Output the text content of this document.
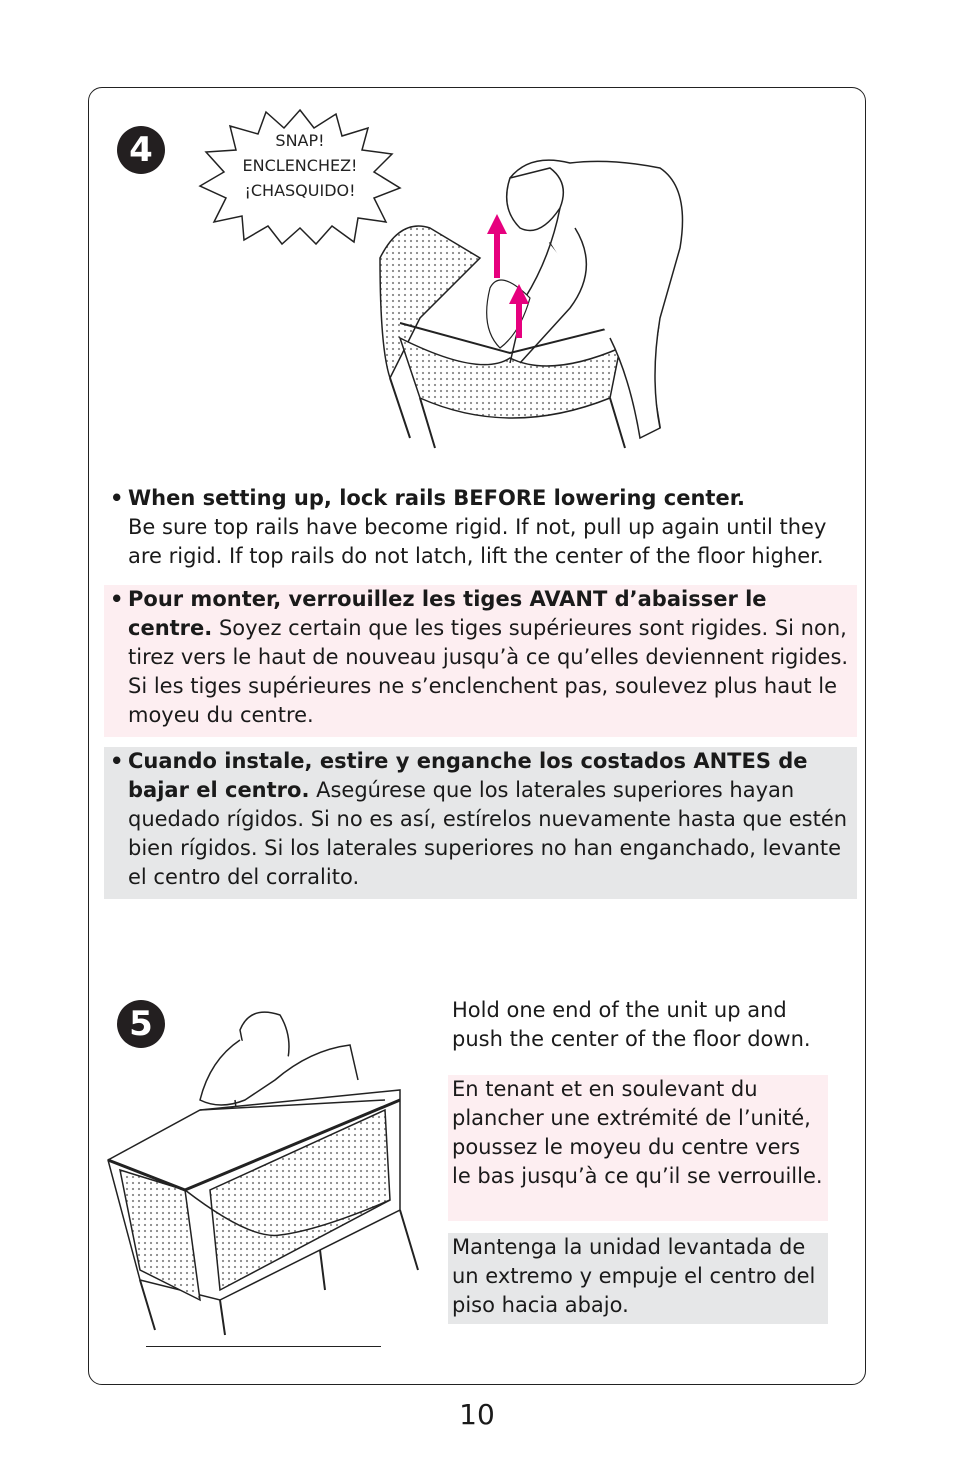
4	SNAP!
ENCLENCHEZ!
¡CHASQUIDO!
• When setting up, lock rails BEFORE lowering center.
Be sure top rails have become rigid. If not, pull up again until they are rigid. If top rails do not latch, lift the center of the floor higher.
• Pour monter, verrouillez les tiges AVANT d’abaisser le centre. Soyez certain que les tiges supérieures sont rigides. Si non, tirez vers le haut de nouveau jusqu’à ce qu’elles deviennent rigides. Si les tiges supérieures ne s’enclenchent pas, soulevez plus haut le moyeu du centre.
• Cuando instale, estire y enganche los costados ANTES de bajar el centro. Asegúrese que los laterales superiores hayan quedado rígidos. Si no es así, estírelos nuevamente hasta que estén bien rígidos. Si los laterales superiores no han enganchado, levante el centro del corralito.
5	Hold one end of the unit up and push the center of the floor down.
En tenant et en soulevant du plancher une extrémité de l’unité, poussez le moyeu du centre vers le bas jusqu’à ce qu’il se verrouille.
Mantenga la unidad levantada de un extremo y empuje el centro del piso hacia abajo.
10
